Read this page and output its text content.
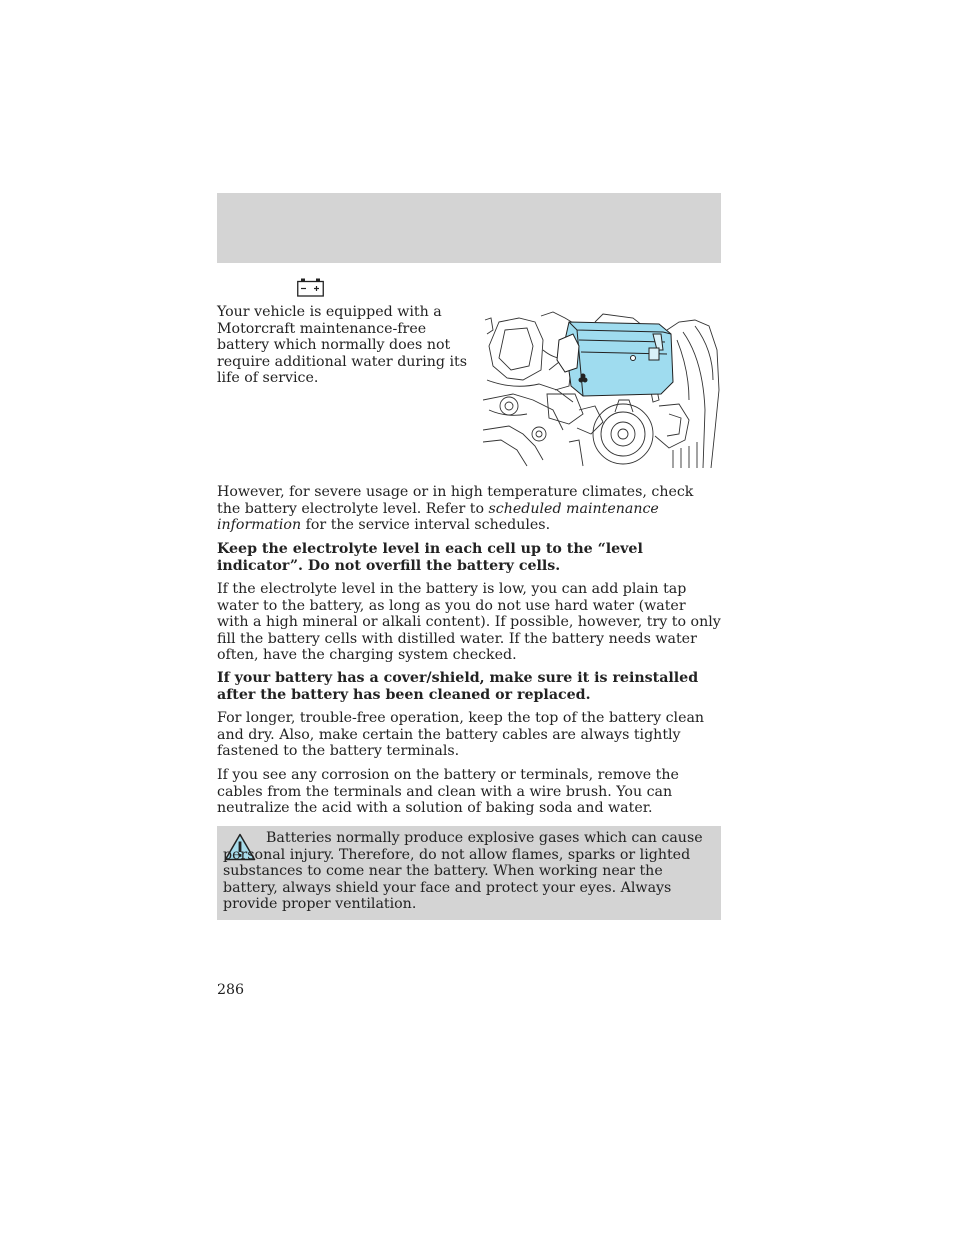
Your vehicle is equipped with a Motorcraft maintenance-free battery which normally does not require additional water during its life of service.

However, for severe usage or in high temperature climates, check the battery electrolyte level. Refer to scheduled maintenance information for the service interval schedules.

Keep the electrolyte level in each cell up to the “level indicator”. Do not overfill the battery cells.

If the electrolyte level in the battery is low, you can add plain tap water to the battery, as long as you do not use hard water (water with a high mineral or alkali content). If possible, however, try to only fill the battery cells with distilled water. If the battery needs water often, have the charging system checked.

If your battery has a cover/shield, make sure it is reinstalled after the battery has been cleaned or replaced.

For longer, trouble-free operation, keep the top of the battery clean and dry. Also, make certain the battery cables are always tightly fastened to the battery terminals.

If you see any corrosion on the battery or terminals, remove the cables from the terminals and clean with a wire brush. You can neutralize the acid with a solution of baking soda and water.

Batteries normally produce explosive gases which can cause personal injury. Therefore, do not allow flames, sparks or lighted substances to come near the battery. When working near the battery, always shield your face and protect your eyes. Always provide proper ventilation.

286
